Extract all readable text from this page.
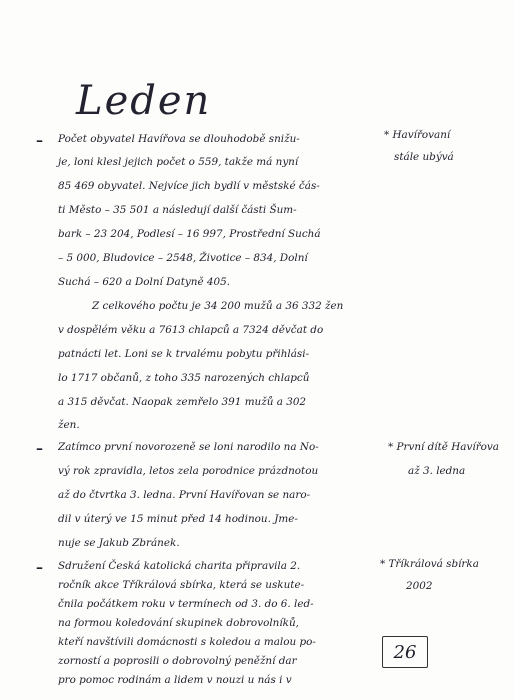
Leden
– Počet obyvatel Havířova se dlouhodobě snižu-
je, loni klesl jejich počet o 559, takže má nyní
85 469 obyvatel. Nejvíce jich bydlí v městské čás-
ti Město – 35 501 a následují další části Šum-
bark – 23 204, Podlesí – 16 997, Prostřední Suchá
– 5 000, Bludovice – 2548, Životice – 834, Dolní
Suchá – 620 a Dolní Datyně 405.
Z celkového počtu je 34 200 mužů a 36 332 žen
v dospělém věku a 7613 chlapců a 7324 děvčat do
patnácti let. Loni se k trvalému pobytu přihlási-
lo 1717 občanů, z toho 335 narozených chlapců
a 315 děvčat. Naopak zemřelo 391 mužů a 302
žen.
* Havířovaní
stále ubývá
– Zatímco první novorozeně se loni narodilo na No-
vý rok zpravidla, letos zela porodnice prázdnotou
až do čtvrtka 3. ledna. První Havířovan se naro-
dil v úterý ve 15 minut před 14 hodinou. Jme-
nuje se Jakub Zbránek.
* První dítě Havířova
až 3. ledna
– Sdružení Česká katolická charita připravila 2.
ročník akce Tříkrálová sbírka, která se uskute-
čnila počátkem roku v termínech od 3. do 6. led-
na formou koledování skupinek dobrovolníků,
kteří navštívili domácnosti s koledou a malou po-
zorností a poprosili o dobrovolný peněžní dar
pro pomoc rodinám a lidem v nouzi u nás i v
* Tříkrálová sbírka
2002
26
